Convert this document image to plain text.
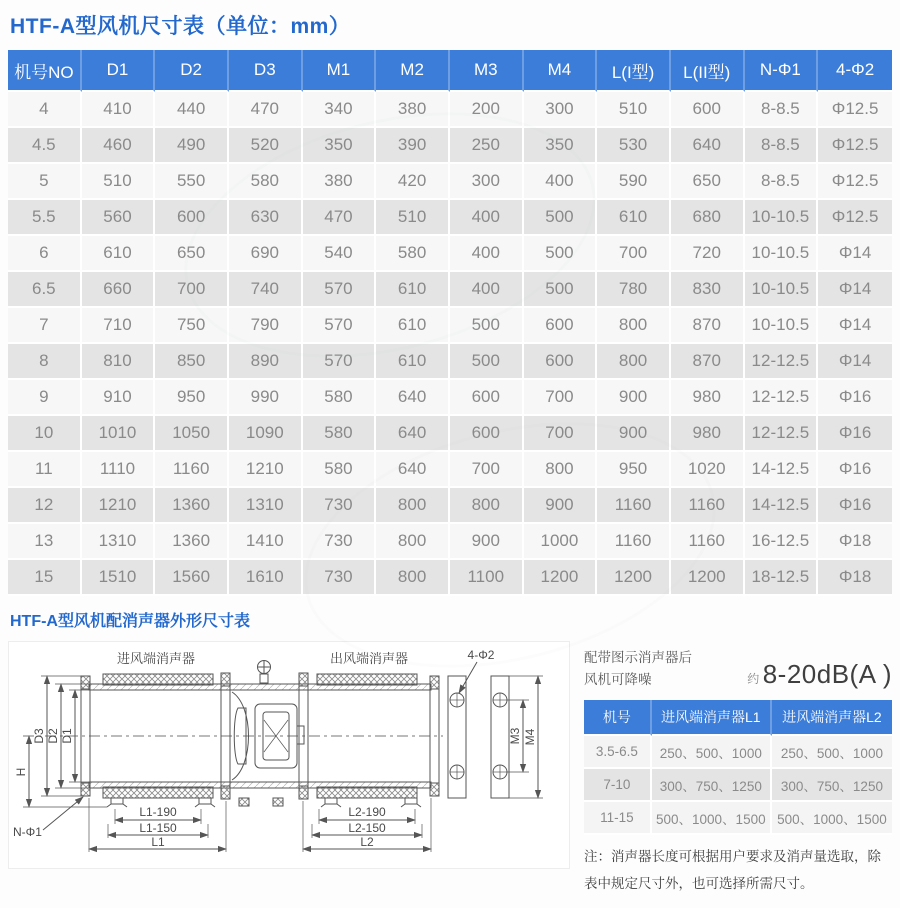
HTF-A型风机尺寸表（单位：mm）
机号NO	D1	D2	D3	M1	M2	M3	M4	L(I型)	L(II型)	N-Φ1	4-Φ2
4	410	440	470	340	380	200	300	510	600	8-8.5	Φ12.5
4.5	460	490	520	350	390	250	350	530	640	8-8.5	Φ12.5
5	510	550	580	380	420	300	400	590	650	8-8.5	Φ12.5
5.5	560	600	630	470	510	400	500	610	680	10-10.5	Φ12.5
6	610	650	690	540	580	400	500	700	720	10-10.5	Φ14
6.5	660	700	740	570	610	400	500	780	830	10-10.5	Φ14
7	710	750	790	570	610	500	600	800	870	10-10.5	Φ14
8	810	850	890	570	610	500	600	800	870	12-12.5	Φ14
9	910	950	990	580	640	600	700	900	980	12-12.5	Φ16
10	1010	1050	1090	580	640	600	700	900	980	12-12.5	Φ16
11	1110	1160	1210	580	640	700	800	950	1020	14-12.5	Φ16
12	1210	1360	1310	730	800	800	900	1160	1160	14-12.5	Φ16
13	1310	1360	1410	730	800	900	1000	1160	1160	16-12.5	Φ18
15	1510	1560	1610	730	800	1100	1200	1200	1200	18-12.5	Φ18
HTF-A型风机配消声器外形尺寸表
进风端消声器	出风端消声器	4-Φ2
D1
D2
D3
H
N-Φ1
M3 M4
L1-190
L1-150
L1
L2-190
L2-150
L2
配带图示消声器后
风机可降噪	约 8-20dB(A )
机号	进风端消声器L1	进风端消声器L2
3.5-6.5	250、500、1000	250、500、1000
7-10	300、750、1250	300、750、1250
11-15	500、1000、1500	500、1000、1500
注：消声器长度可根据用户要求及消声量选取，除
表中规定尺寸外，也可选择所需尺寸。
